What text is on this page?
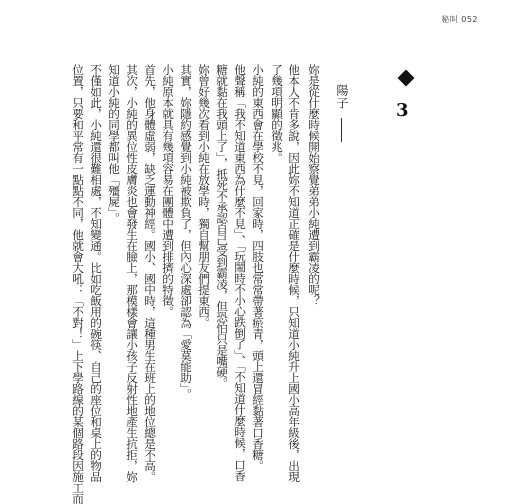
秘叫 052
3
陽子
妳是從什麼時候開始察覺弟弟小純遭到霸凌的呢？
他本人不肯多說，因此妳不知道正確是什麼時候，只知道小純升上國小高年級後，出現
了幾項明顯的徵兆。
小純的東西會在學校不見，回家時，四肢也常常帶著瘀青，頭上還冒經黏著口香糖。
他聲稱「我不知道東西為什麼不見」、「玩鬧時不小心跌倒了」、「不知道什麼時候，口香
糖就黏在我頭上了」，抵死不承認自己受到霸凌，但恐怕只是嘴硬。
妳曾好幾次看到小純在放學時，獨自幫朋友們提東西。
其實，妳隱約感覺到小純被欺負了，但內心深處卻認為「愛莫能助」。
小純原本就具有幾項容易在團體中遭到排擠的特徵。
首先，他身體虛弱，缺乏運動神經。國小、國中時，這種男生在班上的地位總是不高。
其次，小純的異位性皮膚炎也會發生在臉上，那模樣會讓小孩子反射性地產生抗拒，妳
知道小純的同學都叫他「殭屍」。
不僅如此，小純還很難相處，不知變通。比如吃飯用的碗筷、自己的座位和桌上的物品
位置，只要和平常有一點點不同，他就會大吼：「不對！」上下學路線的某個路段因施工而
